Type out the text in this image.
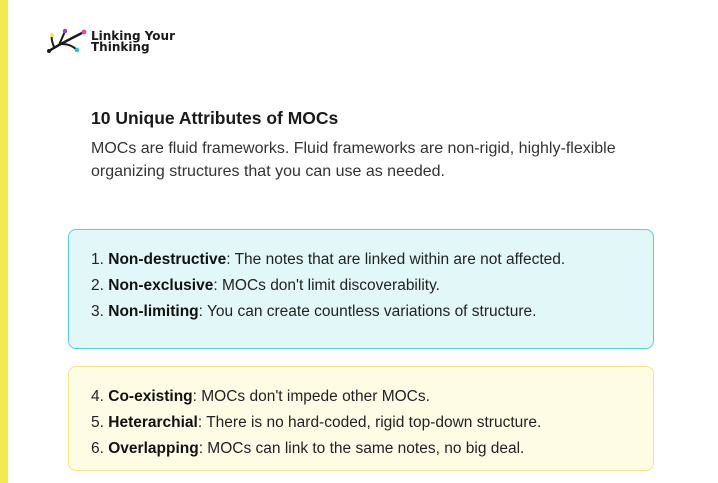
Linking Your
Thinking
10 Unique Attributes of MOCs
MOCs are fluid frameworks. Fluid frameworks are non-rigid, highly-flexible
organizing structures that you can use as needed.
1. Non-destructive: The notes that are linked within are not affected.
2. Non-exclusive: MOCs don't limit discoverability.
3. Non-limiting: You can create countless variations of structure.
4. Co-existing: MOCs don't impede other MOCs.
5. Heterarchial: There is no hard-coded, rigid top-down structure.
6. Overlapping: MOCs can link to the same notes, no big deal.
